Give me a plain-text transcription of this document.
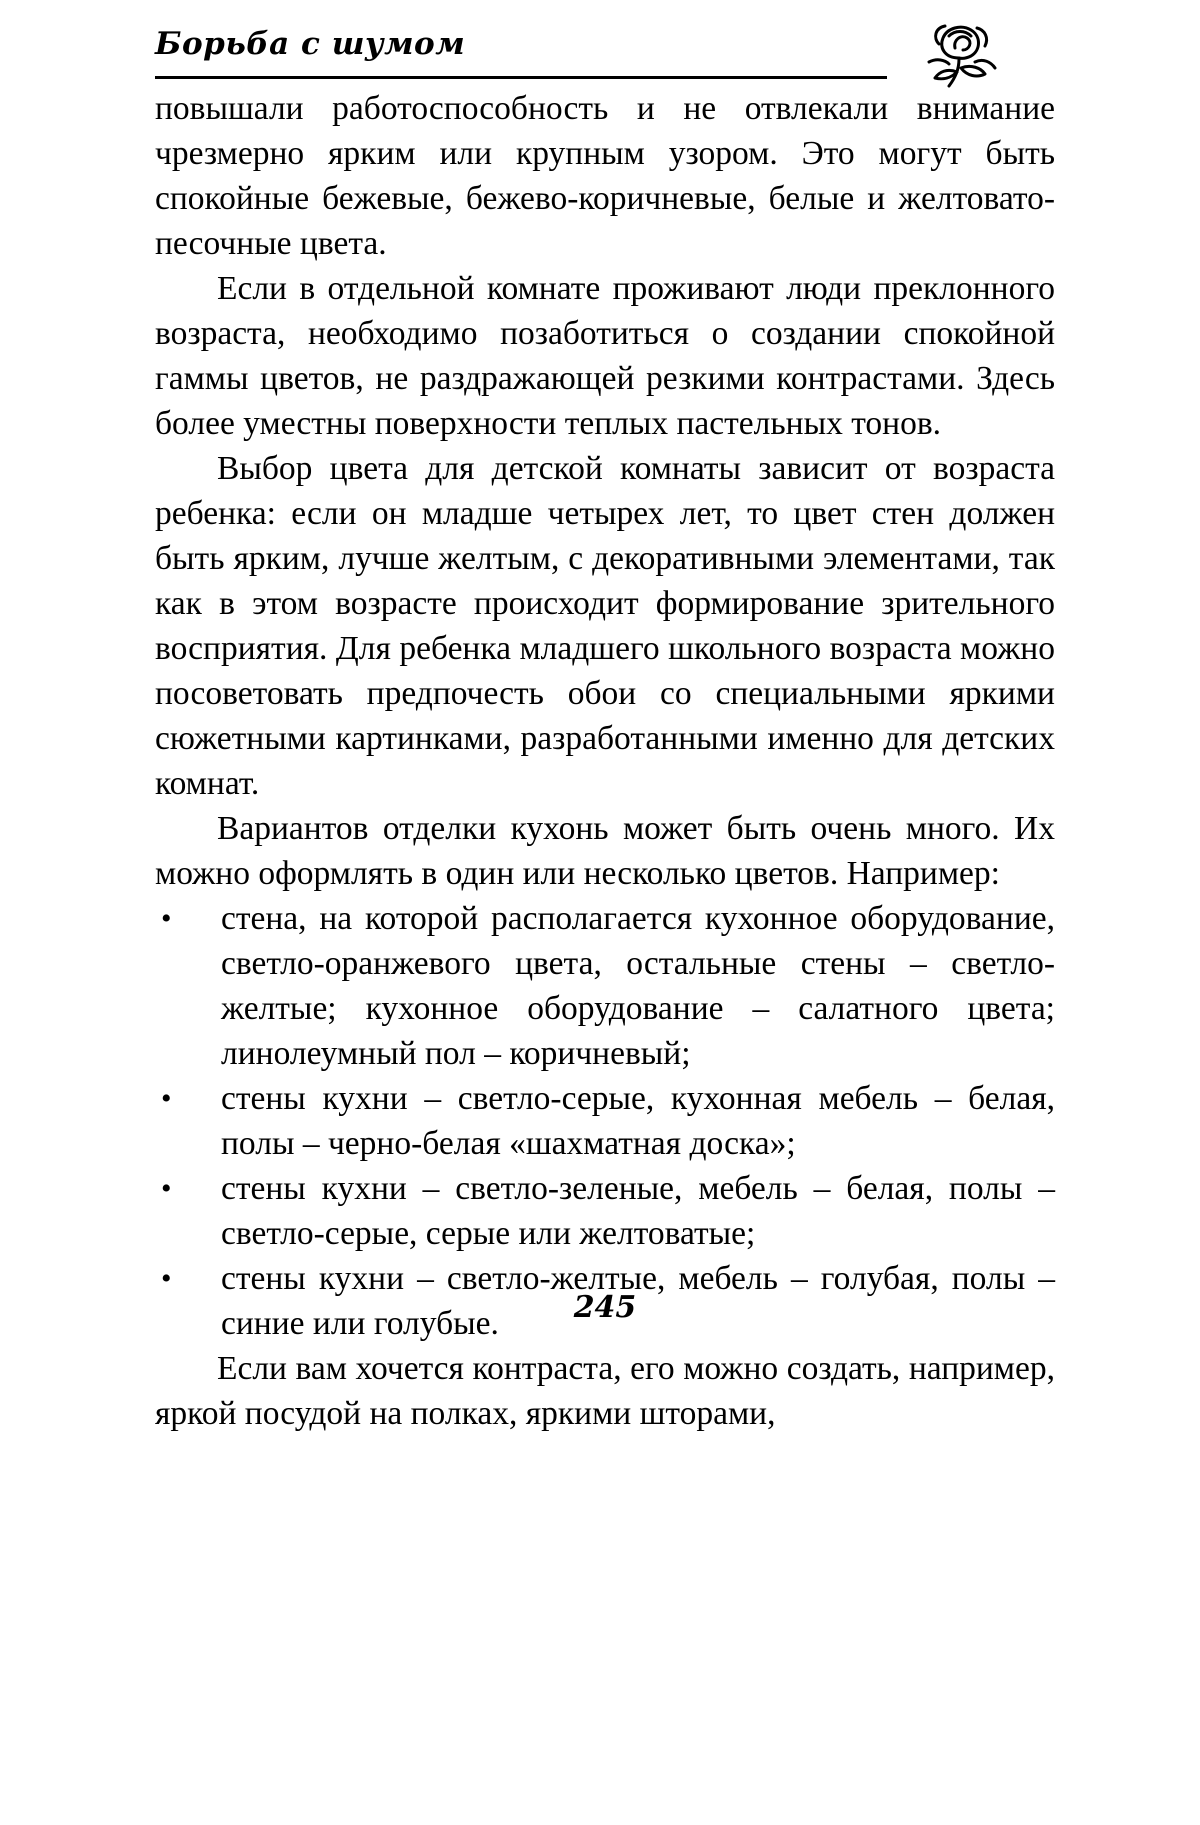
Борьба с шумом

повышали работоспособность и не отвлекали внимание чрезмерно ярким или крупным узором. Это могут быть спокойные бежевые, бежево-коричневые, белые и желтовато-песочные цвета.

Если в отдельной комнате проживают люди преклонного возраста, необходимо позаботиться о создании спокойной гаммы цветов, не раздражающей резкими контрастами. Здесь более уместны поверхности теплых пастельных тонов.

Выбор цвета для детской комнаты зависит от возраста ребенка: если он младше четырех лет, то цвет стен должен быть ярким, лучше желтым, с декоративными элементами, так как в этом возрасте происходит формирование зрительного восприятия. Для ребенка младшего школьного возраста можно посоветовать предпочесть обои со специальными яркими сюжетными картинками, разработанными именно для детских комнат.

Вариантов отделки кухонь может быть очень много. Их можно оформлять в один или несколько цветов. Например:

• стена, на которой располагается кухонное оборудование, светло-оранжевого цвета, остальные стены – светло-желтые; кухонное оборудование – салатного цвета; линолеумный пол – коричневый;
• стены кухни – светло-серые, кухонная мебель – белая, полы – черно-белая «шахматная доска»;
• стены кухни – светло-зеленые, мебель – белая, полы – светло-серые, серые или желтоватые;
• стены кухни – светло-желтые, мебель – голубая, полы – синие или голубые.

Если вам хочется контраста, его можно создать, например, яркой посудой на полках, яркими шторами,

245
